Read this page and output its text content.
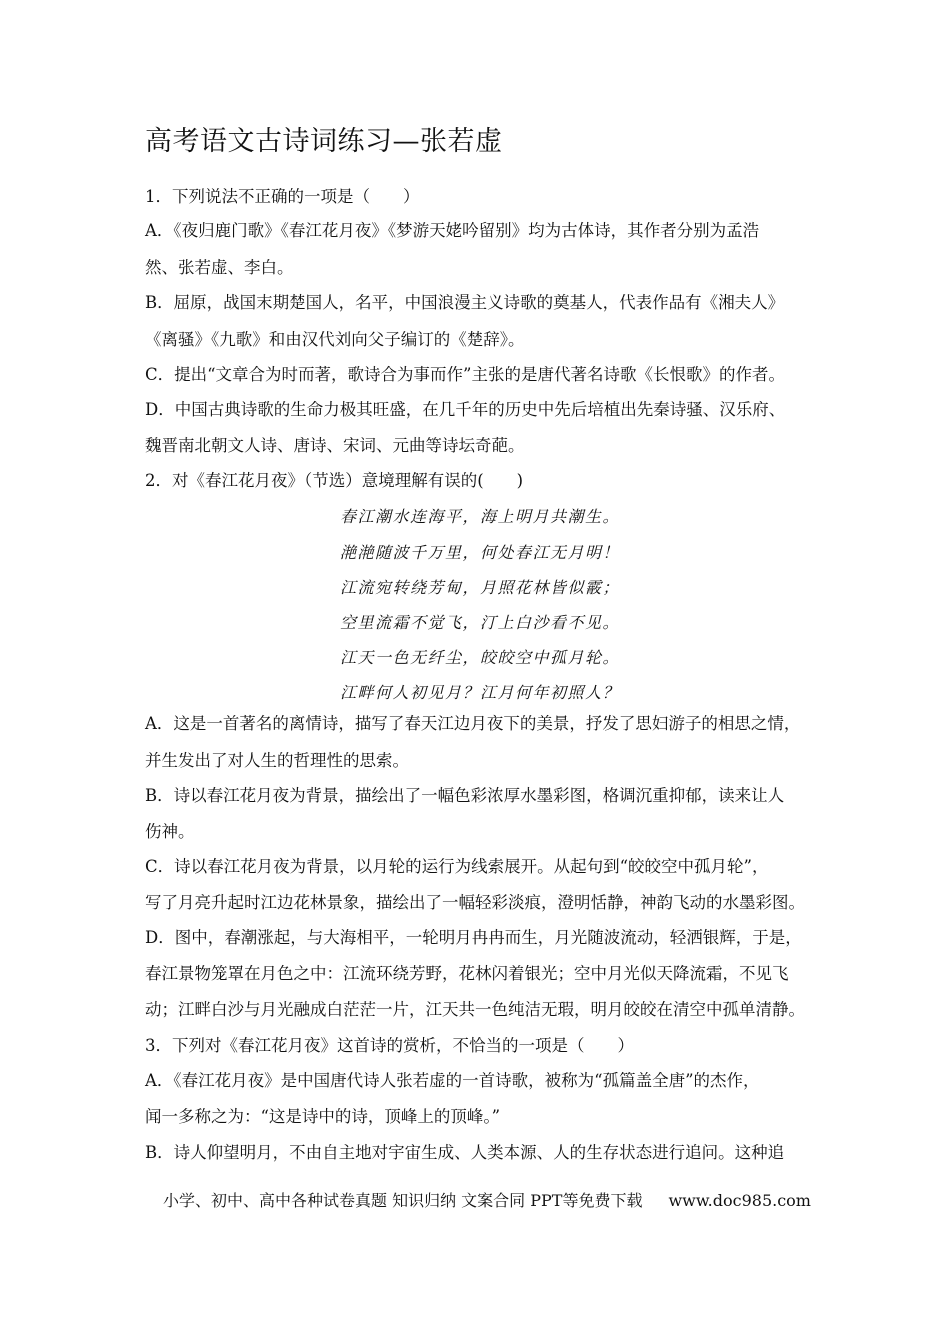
高考语文古诗词练习—张若虚
1．下列说法不正确的一项是（　　）
A．《夜归鹿门歌》《春江花月夜》《梦游天姥吟留别》均为古体诗，其作者分别为孟浩
然、张若虚、李白。
B．屈原，战国末期楚国人，名平，中国浪漫主义诗歌的奠基人，代表作品有《湘夫人》
《离骚》《九歌》和由汉代刘向父子编订的《楚辞》。
C．提出“文章合为时而著，歌诗合为事而作”主张的是唐代著名诗歌《长恨歌》的作者。
D．中国古典诗歌的生命力极其旺盛，在几千年的历史中先后培植出先秦诗骚、汉乐府、
魏晋南北朝文人诗、唐诗、宋词、元曲等诗坛奇葩。
2．对《春江花月夜》（节选）意境理解有误的(　　)
春江潮水连海平，海上明月共潮生。
滟滟随波千万里，何处春江无月明！
江流宛转绕芳甸，月照花林皆似霰；
空里流霜不觉飞，汀上白沙看不见。
江天一色无纤尘，皎皎空中孤月轮。
江畔何人初见月？江月何年初照人？
A．这是一首著名的离情诗，描写了春天江边月夜下的美景，抒发了思妇游子的相思之情，
并生发出了对人生的哲理性的思索。
B．诗以春江花月夜为背景，描绘出了一幅色彩浓厚水墨彩图，格调沉重抑郁，读来让人
伤神。
C．诗以春江花月夜为背景，以月轮的运行为线索展开。从起句到“皎皎空中孤月轮”，
写了月亮升起时江边花林景象，描绘出了一幅轻彩淡痕，澄明恬静，神韵飞动的水墨彩图。
D．图中，春潮涨起，与大海相平，一轮明月冉冉而生，月光随波流动，轻洒银辉，于是，
春江景物笼罩在月色之中：江流环绕芳野，花林闪着银光；空中月光似天降流霜，不见飞
动；江畔白沙与月光融成白茫茫一片，江天共一色纯洁无瑕，明月皎皎在清空中孤单清静。
3．下列对《春江花月夜》这首诗的赏析，不恰当的一项是（　　）
A．《春江花月夜》是中国唐代诗人张若虚的一首诗歌，被称为“孤篇盖全唐”的杰作，
闻一多称之为：“这是诗中的诗，顶峰上的顶峰。”
B．诗人仰望明月，不由自主地对宇宙生成、人类本源、人的生存状态进行追问。这种追
小学、初中、高中各种试卷真题 知识归纳 文案合同 PPT等免费下载 www.doc985.com
